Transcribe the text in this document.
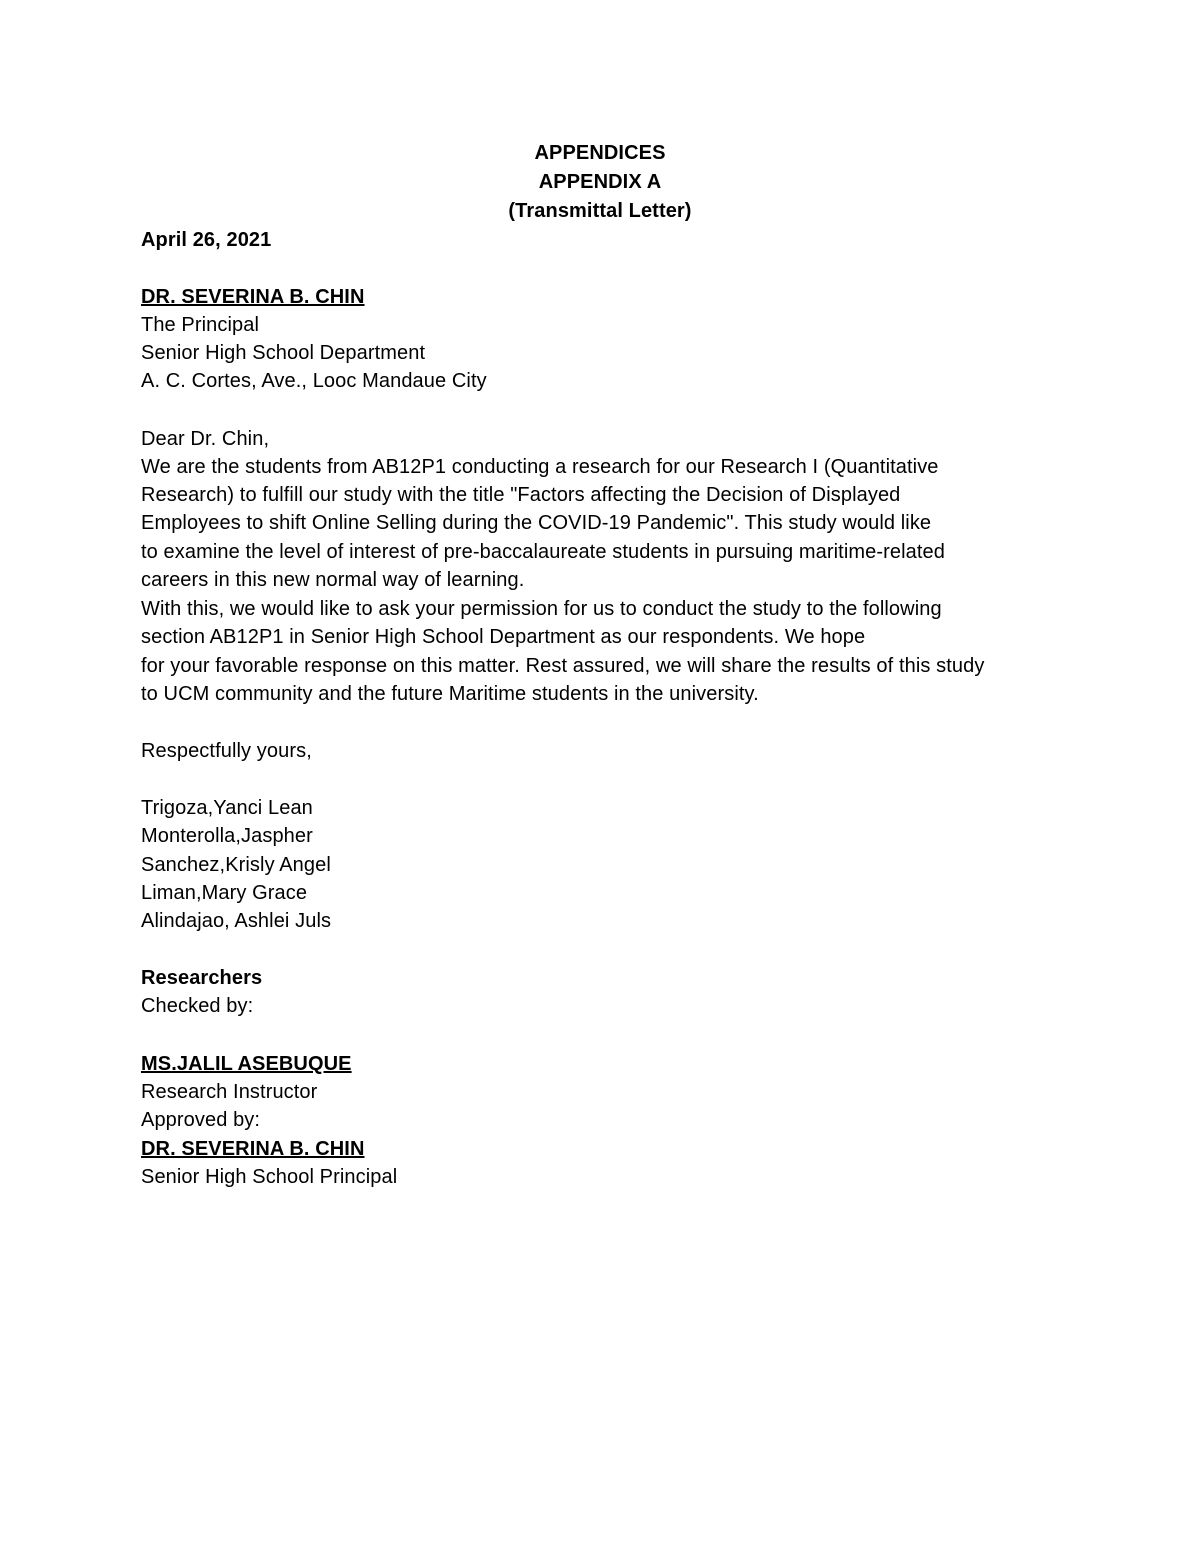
APPENDICES
APPENDIX A
(Transmittal Letter)
April 26, 2021
DR. SEVERINA B. CHIN
The Principal
Senior High School Department
A. C. Cortes, Ave., Looc Mandaue City
Dear Dr. Chin,
We are the students from AB12P1 conducting a research for our Research I (Quantitative
Research) to fulfill our study with the title "Factors affecting the Decision of Displayed
Employees to shift Online Selling during the COVID-19 Pandemic". This study would like
to examine the level of interest of pre-baccalaureate students in pursuing maritime-related
careers in this new normal way of learning.
With this, we would like to ask your permission for us to conduct the study to the following
section AB12P1 in Senior High School Department as our respondents. We hope
for your favorable response on this matter. Rest assured, we will share the results of this study
to UCM community and the future Maritime students in the university.
Respectfully yours,
Trigoza,Yanci Lean
Monterolla,Jaspher
Sanchez,Krisly Angel
Liman,Mary Grace
Alindajao, Ashlei Juls
Researchers
Checked by:
MS.JALIL ASEBUQUE
Research Instructor
Approved by:
DR. SEVERINA B. CHIN
Senior High School Principal
